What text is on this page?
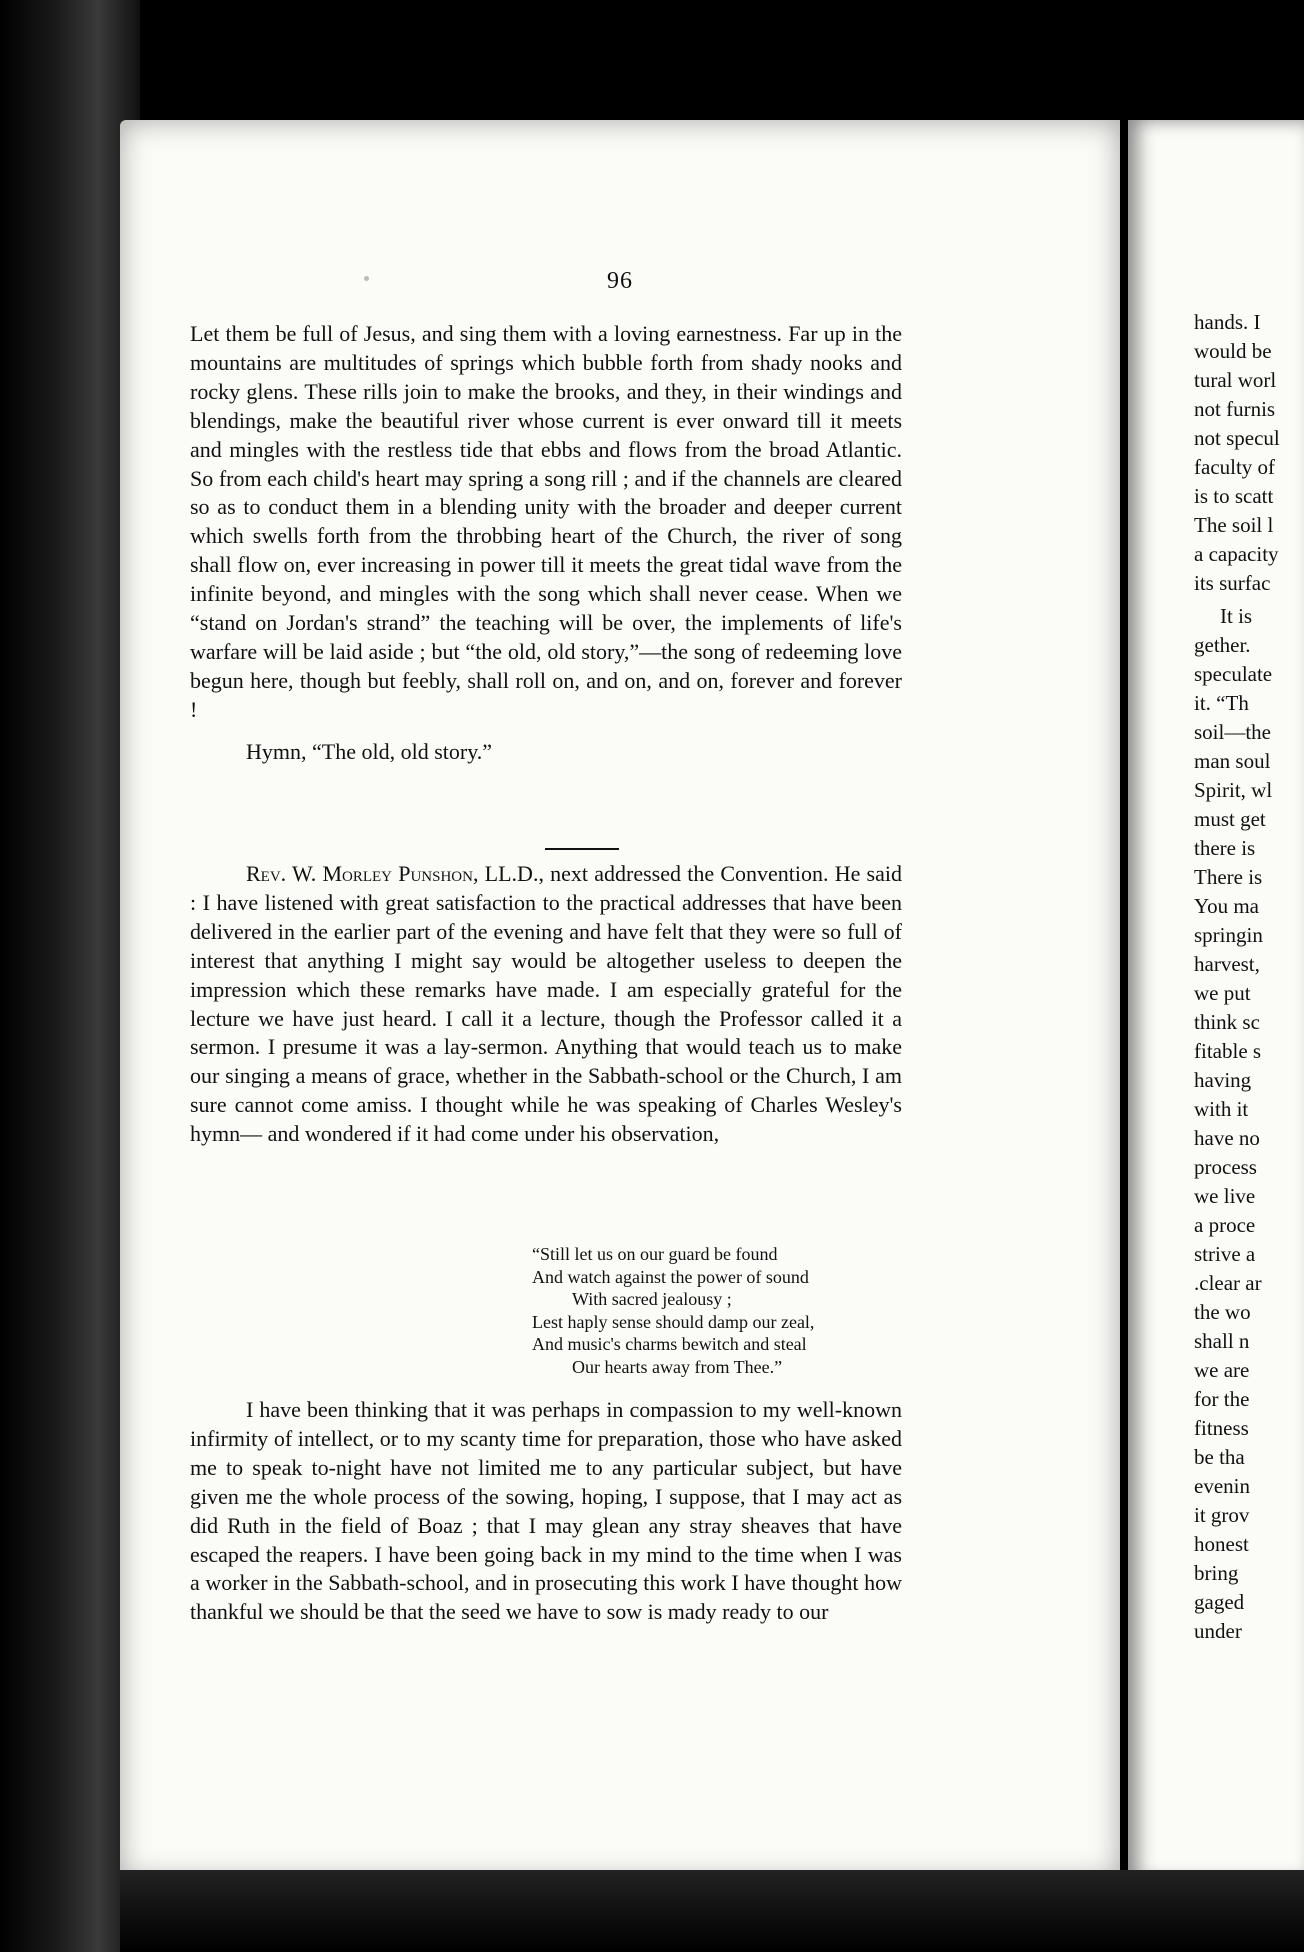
96

Let them be full of Jesus, and sing them with a loving earnestness. Far up in the mountains are multitudes of springs which bubble forth from shady nooks and rocky glens. These rills join to make the brooks, and they, in their windings and blendings, make the beautiful river whose current is ever onward till it meets and mingles with the restless tide that ebbs and flows from the broad Atlantic. So from each child's heart may spring a song rill ; and if the channels are cleared so as to conduct them in a blending unity with the broader and deeper current which swells forth from the throbbing heart of the Church, the river of song shall flow on, ever increasing in power till it meets the great tidal wave from the infinite beyond, and mingles with the song which shall never cease. When we “stand on Jordan's strand” the teaching will be over, the implements of life's warfare will be laid aside ; but “the old, old story,”—the song of redeeming love begun here, though but feebly, shall roll on, and on, and on, forever and forever !

Hymn, “The old, old story.”

Rev. W. Morley Punshon, LL.D., next addressed the Convention. He said : I have listened with great satisfaction to the practical addresses that have been delivered in the earlier part of the evening and have felt that they were so full of interest that anything I might say would be altogether useless to deepen the impression which these remarks have made. I am especially grateful for the lecture we have just heard. I call it a lecture, though the Professor called it a sermon. I presume it was a lay-sermon. Anything that would teach us to make our singing a means of grace, whether in the Sabbath-school or the Church, I am sure cannot come amiss. I thought while he was speaking of Charles Wesley's hymn— and wondered if it had come under his observation,

“Still let us on our guard be found
And watch against the power of sound
With sacred jealousy ;
Lest haply sense should damp our zeal,
And music's charms bewitch and steal
Our hearts away from Thee.”

I have been thinking that it was perhaps in compassion to my well-known infirmity of intellect, or to my scanty time for preparation, those who have asked me to speak to-night have not limited me to any particular subject, but have given me the whole process of the sowing, hoping, I suppose, that I may act as did Ruth in the field of Boaz ; that I may glean any stray sheaves that have escaped the reapers. I have been going back in my mind to the time when I was a worker in the Sabbath-school, and in prosecuting this work I have thought how thankful we should be that the seed we have to sow is mady ready to our

hands. I
would be
tural worl
not furnis
not specul
faculty of
is to scatt
The soil l
a capacity
its surfac
It is
gether.
speculate
it. “Th
soil—the
man soul
Spirit, wl
must get
there is
There is
You ma
springin
harvest,
we put
think sc
fitable s
having
with it
have no
process
we live
a proce
strive a
.clear ar
the wo
shall n
we are
for the
fitness
be tha
evenin
it grov
honest
bring
gaged
under
